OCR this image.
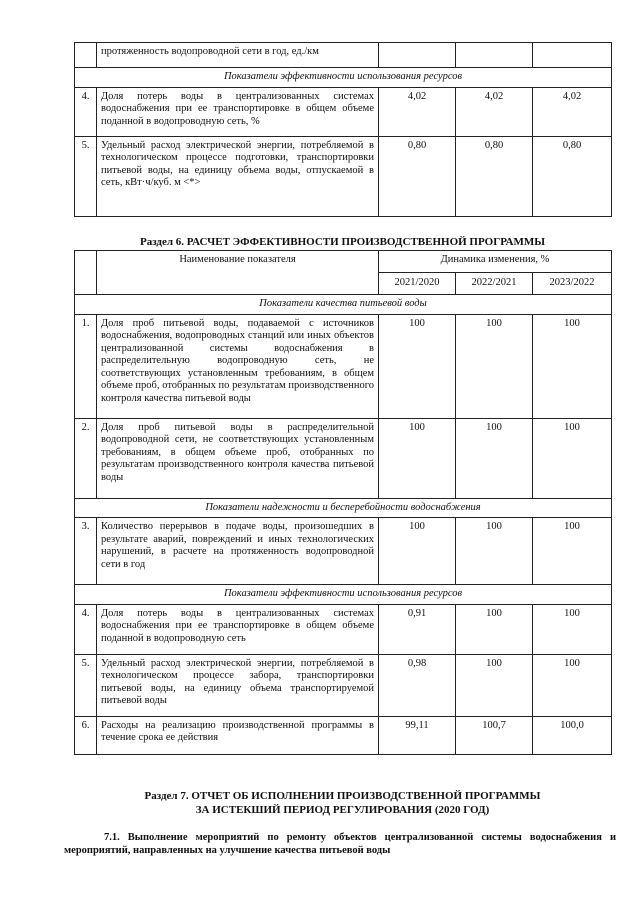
	протяженность водопроводной сети в год, ед./км			
Показатели эффективности использования ресурсов				
4.	Доля потерь воды в централизованных системах водоснабжения при ее транспортировке в общем объеме поданной в водопроводную сеть, %	4,02	4,02	4,02
5.	Удельный расход электрической энергии, потребляемой в технологическом процессе подготовки, транспортировки питьевой воды, на единицу объема воды, отпускаемой в сеть, кВт·ч/куб. м <*>	0,80	0,80	0,80
Раздел 6. РАСЧЕТ ЭФФЕКТИВНОСТИ ПРОИЗВОДСТВЕННОЙ ПРОГРАММЫ
	Наименование показателя	Динамика изменения, %		
		2021/2020	2022/2021	2023/2022
Показатели качества питьевой воды				
1.	Доля проб питьевой воды, подаваемой с источников водоснабжения, водопроводных станций или иных объектов централизованной системы водоснабжения в распределительную водопроводную сеть, не соответствующих установленным требованиям, в общем объеме проб, отобранных по результатам производственного контроля качества питьевой воды	100	100	100
2.	Доля проб питьевой воды в распределительной водопроводной сети, не соответствующих установленным требованиям, в общем объеме проб, отобранных по результатам производственного контроля качества питьевой воды	100	100	100
Показатели надежности и бесперебойности водоснабжения				
3.	Количество перерывов в подаче воды, произошедших в результате аварий, повреждений и иных технологических нарушений, в расчете на протяженность водопроводной сети в год	100	100	100
Показатели эффективности использования ресурсов				
4.	Доля потерь воды в централизованных системах водоснабжения при ее транспортировке в общем объеме поданной в водопроводную сеть	0,91	100	100
5.	Удельный расход электрической энергии, потребляемой в технологическом процессе забора, транспортировки питьевой воды, на единицу объема транспортируемой питьевой воды	0,98	100	100
6.	Расходы на реализацию производственной программы в течение срока ее действия	99,11	100,7	100,0
Раздел 7. ОТЧЕТ ОБ ИСПОЛНЕНИИ ПРОИЗВОДСТВЕННОЙ ПРОГРАММЫ
ЗА ИСТЕКШИЙ ПЕРИОД РЕГУЛИРОВАНИЯ (2020 ГОД)
7.1. Выполнение мероприятий по ремонту объектов централизованной системы водоснабжения и мероприятий, направленных на улучшение качества питьевой воды
